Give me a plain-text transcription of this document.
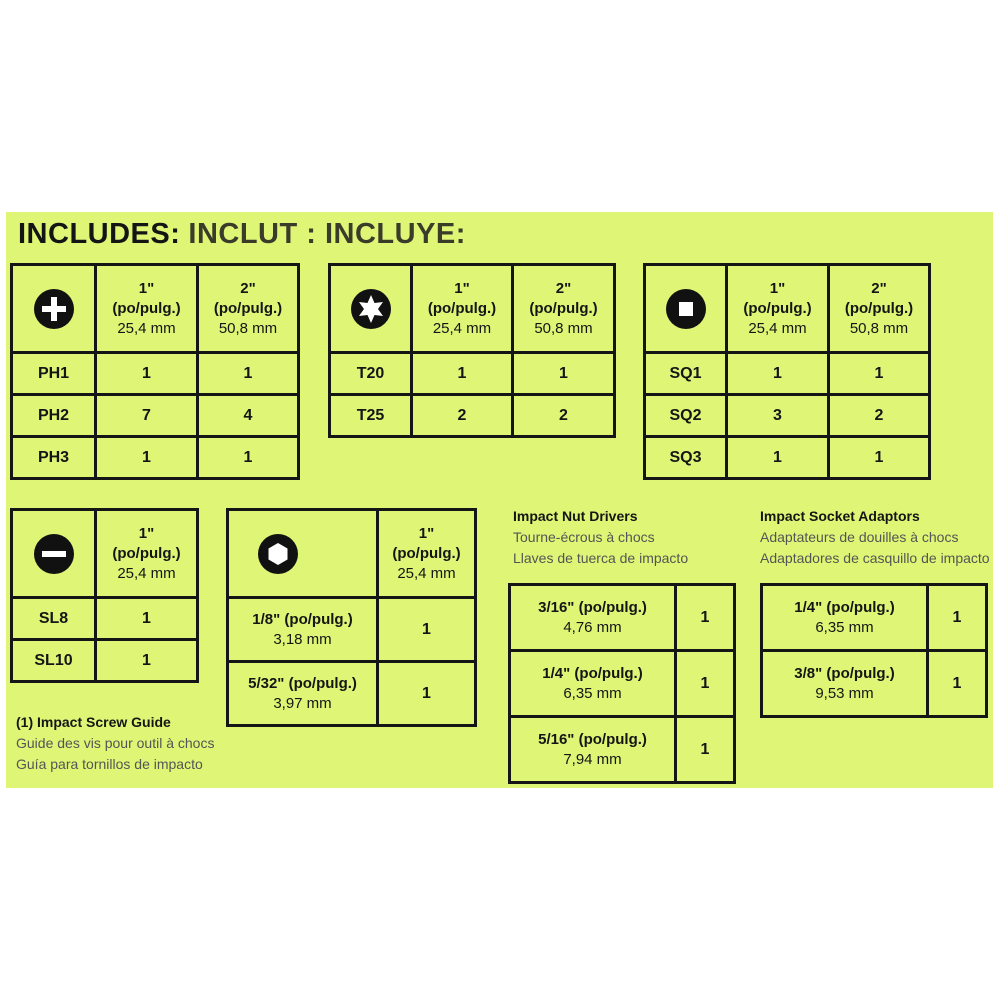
INCLUDES: INCLUT : INCLUYE:

1"
(po/pulg.)
25,4 mm	2"
(po/pulg.)
50,8 mm

PH1	1	1
PH2	7	4
PH3	1	1

1"
(po/pulg.)
25,4 mm	2"
(po/pulg.)
50,8 mm

T20	1	1
T25	2	2

1"
(po/pulg.)
25,4 mm	2"
(po/pulg.)
50,8 mm

SQ1	1	1
SQ2	3	2
SQ3	1	1

1"
(po/pulg.)
25,4 mm

SL8	1
SL10	1

1"
(po/pulg.)
25,4 mm

1/8" (po/pulg.)
3,18 mm	1

5/32" (po/pulg.)
3,97 mm	1
(1) Impact Screw Guide
Guide des vis pour outil à chocs
Guía para tornillos de impacto
Impact Nut Drivers
Tourne-écrous à chocs
Llaves de tuerca de impacto
3/16" (po/pulg.)
4,76 mm	1

1/4" (po/pulg.)
6,35 mm	1

5/16" (po/pulg.)
7,94 mm	1
Impact Socket Adaptors
Adaptateurs de douilles à chocs
Adaptadores de casquillo de impacto
1/4" (po/pulg.)
6,35 mm	1

3/8" (po/pulg.)
9,53 mm	1
